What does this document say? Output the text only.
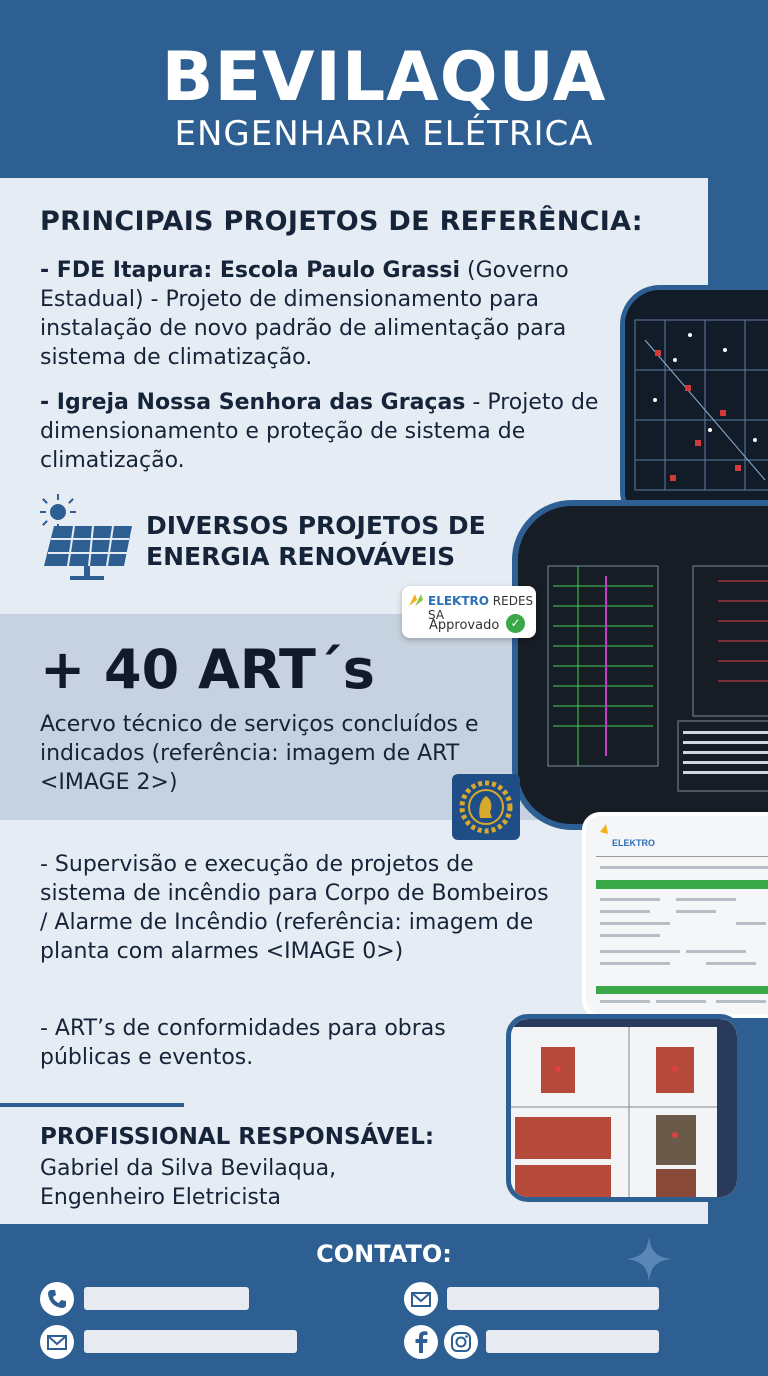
BEVILAQUA
ENGENHARIA ELÉTRICA
PRINCIPAIS PROJETOS DE REFERÊNCIA:
- FDE Itapura: Escola Paulo Grassi (Governo Estadual) - Projeto de dimensionamento para instalação de novo padrão de alimentação para sistema de climatização.
- Igreja Nossa Senhora das Graças - Projeto de dimensionamento e proteção de sistema de climatização.
DIVERSOS PROJETOS DE
ENERGIA RENOVÁVEIS
ELEKTRO REDES SA
Approvado ✓
+ 40 ART´s
Acervo técnico de serviços concluídos e indicados (referência: imagem de ART <IMAGE 2>)
ELEKTRO
- Supervisão e execução de projetos de sistema de incêndio para Corpo de Bombeiros / Alarme de Incêndio (referência: imagem de planta com alarmes <IMAGE 0>)
- ART’s de conformidades para obras públicas e eventos.
PROFISSIONAL RESPONSÁVEL:
Gabriel da Silva Bevilaqua,
Engenheiro Eletricista
CONTATO:
